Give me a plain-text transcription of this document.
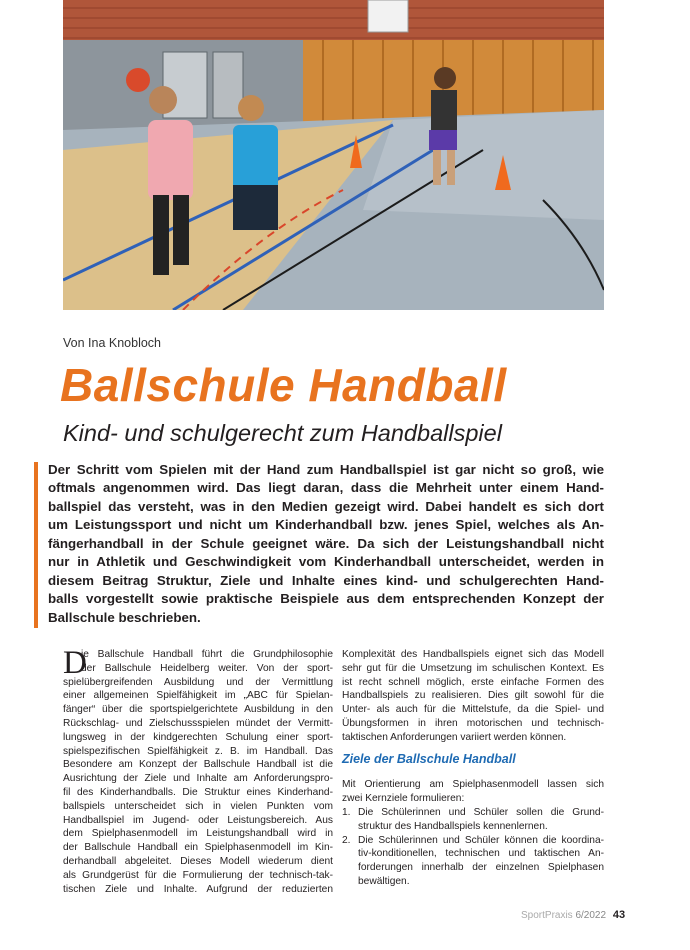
Von Ina Knobloch
Ballschule Handball
Kind- und schulgerecht zum Handballspiel
Der Schritt vom Spielen mit der Hand zum Handballspiel ist gar nicht so groß, wie
oftmals angenommen wird. Das liegt daran, dass die Mehrheit unter einem Hand-
ballspiel das versteht, was in den Medien gezeigt wird. Dabei handelt es sich dort
um Leistungssport und nicht um Kinderhandball bzw. jenes Spiel, welches als An-
fängerhandball in der Schule geeignet wäre. Da sich der Leistungshandball nicht
nur in Athletik und Geschwindigkeit vom Kinderhandball unterscheidet, werden in
diesem Beitrag Struktur, Ziele und Inhalte eines kind- und schulgerechten Hand-
balls vorgestellt sowie praktische Beispiele aus dem entsprechenden Konzept der
Ballschule beschrieben.
D
ie Ballschule Handball führt die Grundphilosophie
der Ballschule Heidelberg weiter. Von der sport-
spielübergreifenden Ausbildung und der Vermittlung
einer allgemeinen Spielfähigkeit im „ABC für Spielan-
fänger“ über die sportspielgerichtete Ausbildung in den
Rückschlag- und Zielschussspielen mündet der Vermitt-
lungsweg in der kindgerechten Schulung einer sport-
spielspezifischen Spielfähigkeit z. B. im Handball. Das
Besondere am Konzept der Ballschule Handball ist die
Ausrichtung der Ziele und Inhalte am Anforderungspro-
fil des Kinderhandballs. Die Struktur eines Kinderhand-
ballspiels unterscheidet sich in vielen Punkten vom
Handballspiel im Jugend- oder Leistungsbereich. Aus
dem Spielphasenmodell im Leistungshandball wird in
der Ballschule Handball ein Spielphasenmodell im Kin-
derhandball abgeleitet. Dieses Modell wiederum dient
als Grundgerüst für die Formulierung der technisch-tak-
tischen Ziele und Inhalte. Aufgrund der reduzierten
Komplexität des Handballspiels eignet sich das Modell
sehr gut für die Umsetzung im schulischen Kontext. Es
ist recht schnell möglich, erste einfache Formen des
Handballspiels zu realisieren. Dies gilt sowohl für die
Unter- als auch für die Mittelstufe, da die Spiel- und
Übungsformen in ihren motorischen und technisch-
taktischen Anforderungen variiert werden können.
Ziele der Ballschule Handball
Mit Orientierung am Spielphasenmodell lassen sich
zwei Kernziele formulieren:
1. Die Schülerinnen und Schüler sollen die Grund-
struktur des Handballspiels kennenlernen.
2. Die Schülerinnen und Schüler können die koordina-
tiv-konditionellen, technischen und taktischen An-
forderungen innerhalb der einzelnen Spielphasen
bewältigen.
SportPraxis 6/2022 43
